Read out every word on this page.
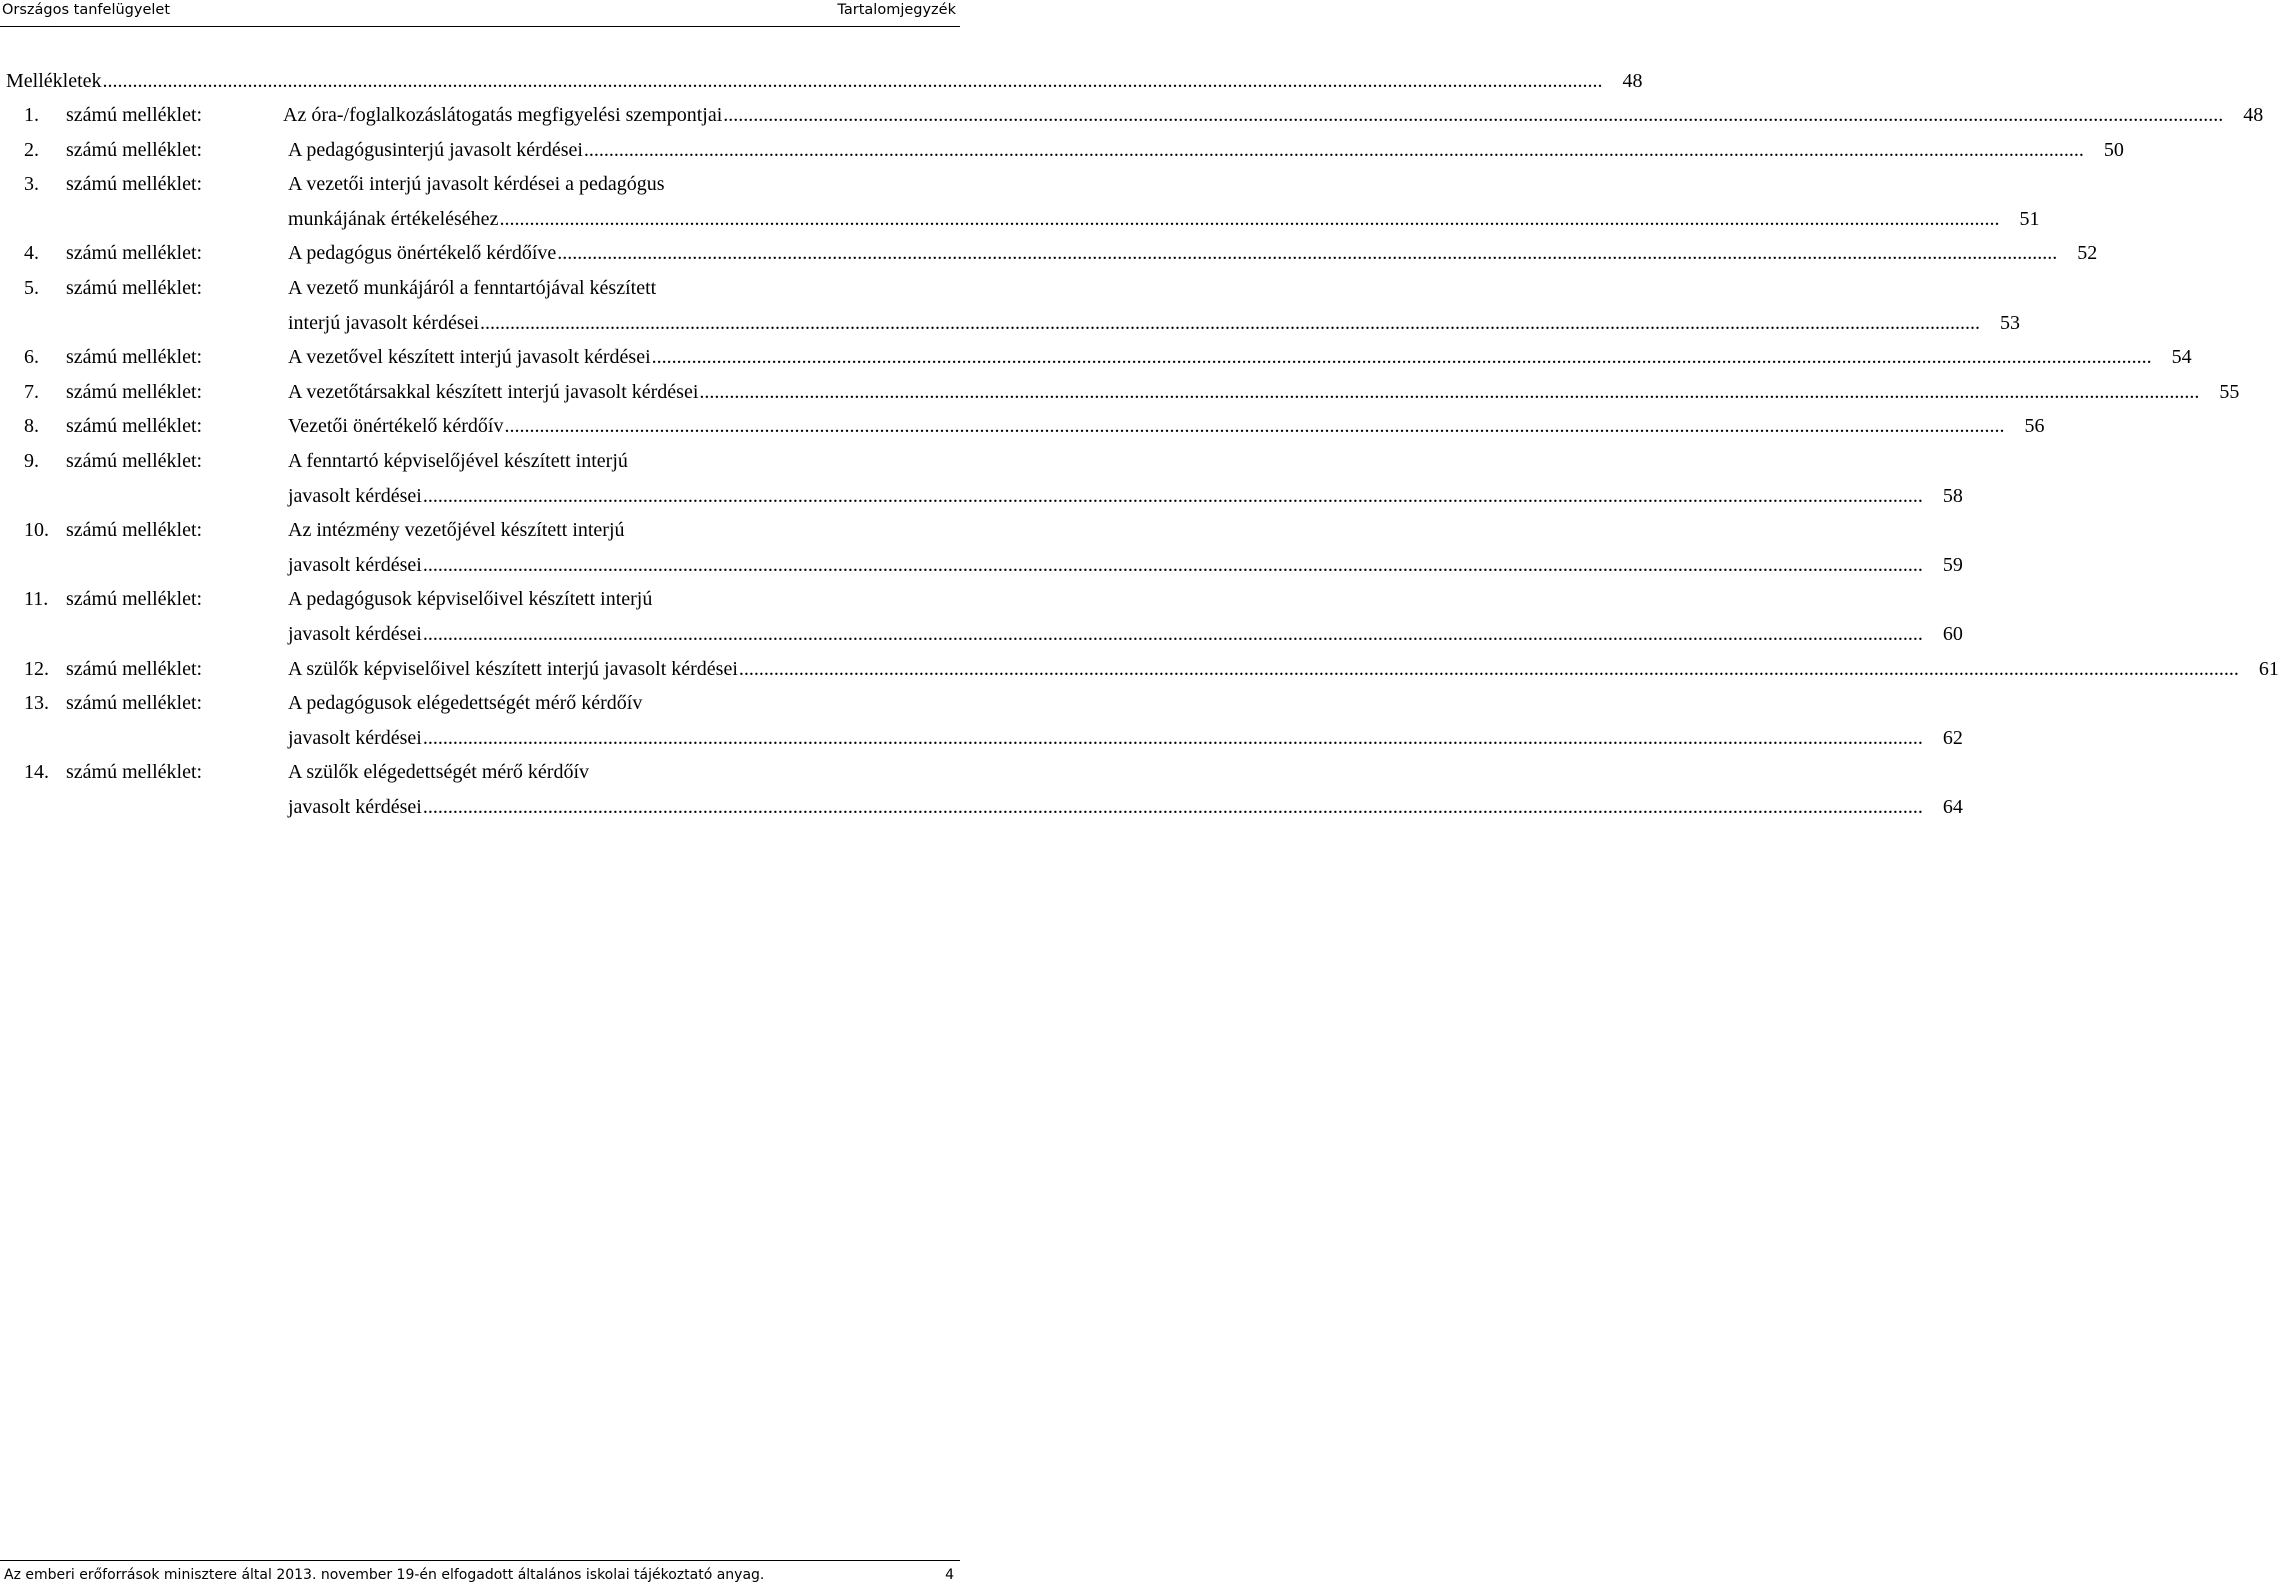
Országos tanfelügyelet	Tartalomjegyzék
Mellékletek ............................................................................................................................................................................................................................................................................................................	48
1. számú melléklet:	Az óra-/foglalkozáslátogatás megfigyelési szempontjai ............................................................................................................................................................................................................................................................................................................	48
2. számú melléklet:	A pedagógusinterjú javasolt kérdései ............................................................................................................................................................................................................................................................................................................	50
3. számú melléklet:	A vezetői interjú javasolt kérdései a pedagógus
munkájának értékeléséhez ............................................................................................................................................................................................................................................................................................................	51
4. számú melléklet:	A pedagógus önértékelő kérdőíve ............................................................................................................................................................................................................................................................................................................	52
5. számú melléklet:	A vezető munkájáról a fenntartójával készített
interjú javasolt kérdései ............................................................................................................................................................................................................................................................................................................	53
6. számú melléklet:	A vezetővel készített interjú javasolt kérdései ............................................................................................................................................................................................................................................................................................................	54
7. számú melléklet:	A vezetőtársakkal készített interjú javasolt kérdései ............................................................................................................................................................................................................................................................................................................	55
8. számú melléklet:	Vezetői önértékelő kérdőív ............................................................................................................................................................................................................................................................................................................	56
9. számú melléklet:	A fenntartó képviselőjével készített interjú
javasolt kérdései ............................................................................................................................................................................................................................................................................................................	58
10. számú melléklet:	Az intézmény vezetőjével készített interjú
javasolt kérdései ............................................................................................................................................................................................................................................................................................................	59
11. számú melléklet:	A pedagógusok képviselőivel készített interjú
javasolt kérdései ............................................................................................................................................................................................................................................................................................................	60
12. számú melléklet:	A szülők képviselőivel készített interjú javasolt kérdései ............................................................................................................................................................................................................................................................................................................	61
13. számú melléklet:	A pedagógusok elégedettségét mérő kérdőív
javasolt kérdései ............................................................................................................................................................................................................................................................................................................	62
14. számú melléklet:	A szülők elégedettségét mérő kérdőív
javasolt kérdései ............................................................................................................................................................................................................................................................................................................	64
Az emberi erőforrások minisztere által 2013. november 19-én elfogadott általános iskolai tájékoztató anyag.	4
